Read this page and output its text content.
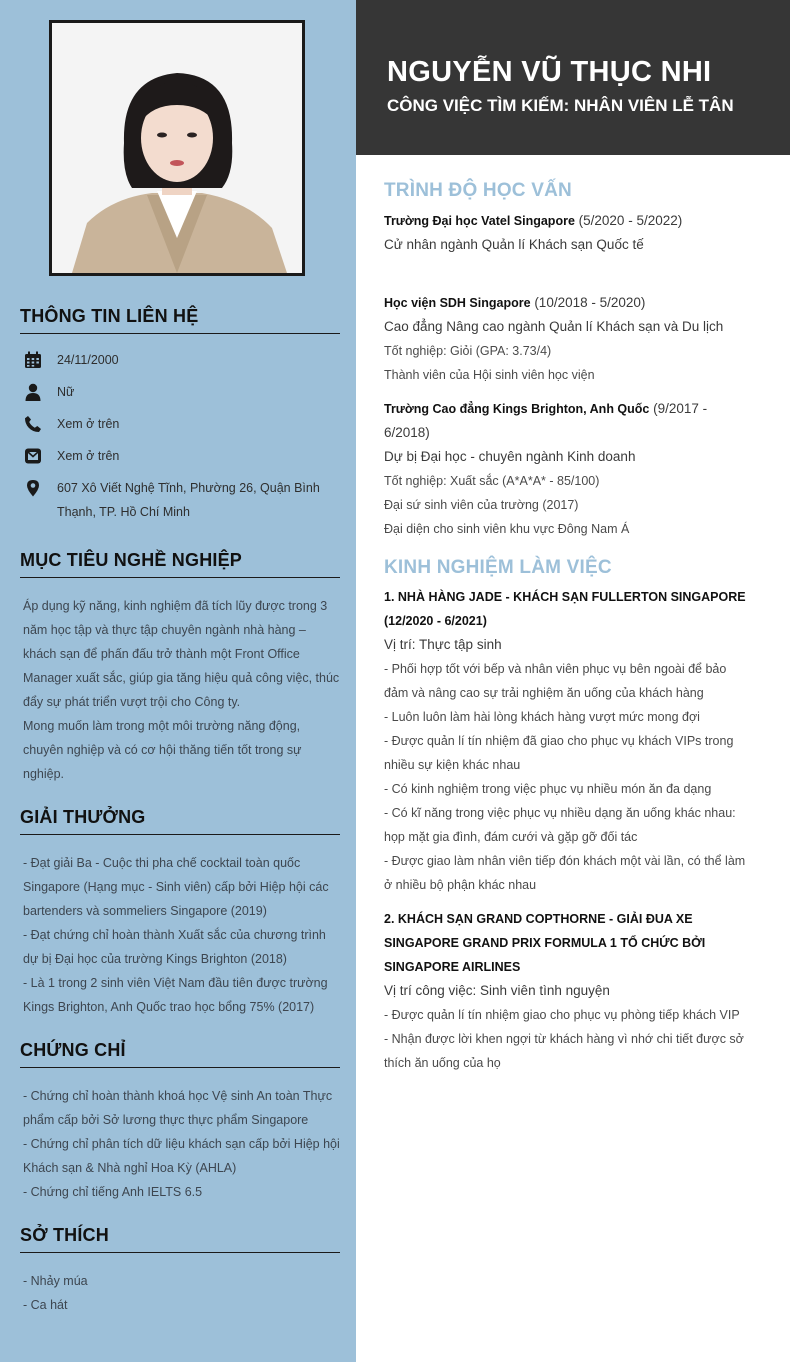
THÔNG TIN LIÊN HỆ
24/11/2000
Nữ
Xem ở trên
Xem ở trên
607 Xô Viết Nghệ Tĩnh, Phường 26, Quận Bình Thạnh, TP. Hồ Chí Minh
MỤC TIÊU NGHỀ NGHIỆP

Áp dụng kỹ năng, kinh nghiệm đã tích lũy được trong 3 năm học tập và thực tập chuyên ngành nhà hàng – khách sạn để phấn đấu trở thành một Front Office Manager xuất sắc, giúp gia tăng hiệu quả công việc, thúc đẩy sự phát triển vượt trội cho Công ty.

Mong muốn làm trong một môi trường năng động, chuyên nghiệp và có cơ hội thăng tiến tốt trong sự nghiệp.

GIẢI THƯỞNG

- Đạt giải Ba - Cuộc thi pha chế cocktail toàn quốc Singapore (Hạng mục - Sinh viên) cấp bởi Hiệp hội các bartenders và sommeliers Singapore (2019)

- Đạt chứng chỉ hoàn thành Xuất sắc của chương trình dự bị Đại học của trường Kings Brighton (2018)

- Là 1 trong 2 sinh viên Việt Nam đầu tiên được trường Kings Brighton, Anh Quốc trao học bổng 75% (2017)

CHỨNG CHỈ

- Chứng chỉ hoàn thành khoá học Vệ sinh An toàn Thực phẩm cấp bởi Sở lương thực thực phẩm Singapore

- Chứng chỉ phân tích dữ liệu khách sạn cấp bởi Hiệp hội Khách sạn & Nhà nghỉ Hoa Kỳ (AHLA)

- Chứng chỉ tiếng Anh IELTS 6.5

SỞ THÍCH

- Nhảy múa

- Ca hát

NGUYỄN VŨ THỤC NHI
CÔNG VIỆC TÌM KIẾM: NHÂN VIÊN LỄ TÂN
TRÌNH ĐỘ HỌC VẤN
Trường Đại học Vatel Singapore (5/2020 - 5/2022)
Cử nhân ngành Quản lí Khách sạn Quốc tế
Học viện SDH Singapore (10/2018 - 5/2020)
Cao đẳng Nâng cao ngành Quản lí Khách sạn và Du lịch
Tốt nghiệp: Giỏi (GPA: 3.73/4)
Thành viên của Hội sinh viên học viện
Trường Cao đẳng Kings Brighton, Anh Quốc (9/2017 - 6/2018)
Dự bị Đại học - chuyên ngành Kinh doanh
Tốt nghiệp: Xuất sắc (A*A*A* - 85/100)
Đại sứ sinh viên của trường (2017)
Đại diện cho sinh viên khu vực Đông Nam Á
KINH NGHIỆM LÀM VIỆC
1. NHÀ HÀNG JADE - KHÁCH SẠN FULLERTON SINGAPORE (12/2020 - 6/2021)
Vị trí: Thực tập sinh
- Phối hợp tốt với bếp và nhân viên phục vụ bên ngoài để bảo đảm và nâng cao sự trải nghiệm ăn uống của khách hàng
- Luôn luôn làm hài lòng khách hàng vượt mức mong đợi
- Được quản lí tín nhiệm đã giao cho phục vụ khách VIPs trong nhiều sự kiện khác nhau
- Có kinh nghiệm trong việc phục vụ nhiều món ăn đa dạng
- Có kĩ năng trong việc phục vụ nhiều dạng ăn uống khác nhau: họp mặt gia đình, đám cưới và gặp gỡ đối tác
- Được giao làm nhân viên tiếp đón khách một vài lần, có thể làm ở nhiều bộ phận khác nhau
2. KHÁCH SẠN GRAND COPTHORNE - GIẢI ĐUA XE SINGAPORE GRAND PRIX FORMULA 1 TỔ CHỨC BỞI SINGAPORE AIRLINES
Vị trí công việc: Sinh viên tình nguyện
- Được quản lí tín nhiệm giao cho phục vụ phòng tiếp khách VIP
- Nhận được lời khen ngợi từ khách hàng vì nhớ chi tiết được sở thích ăn uống của họ
